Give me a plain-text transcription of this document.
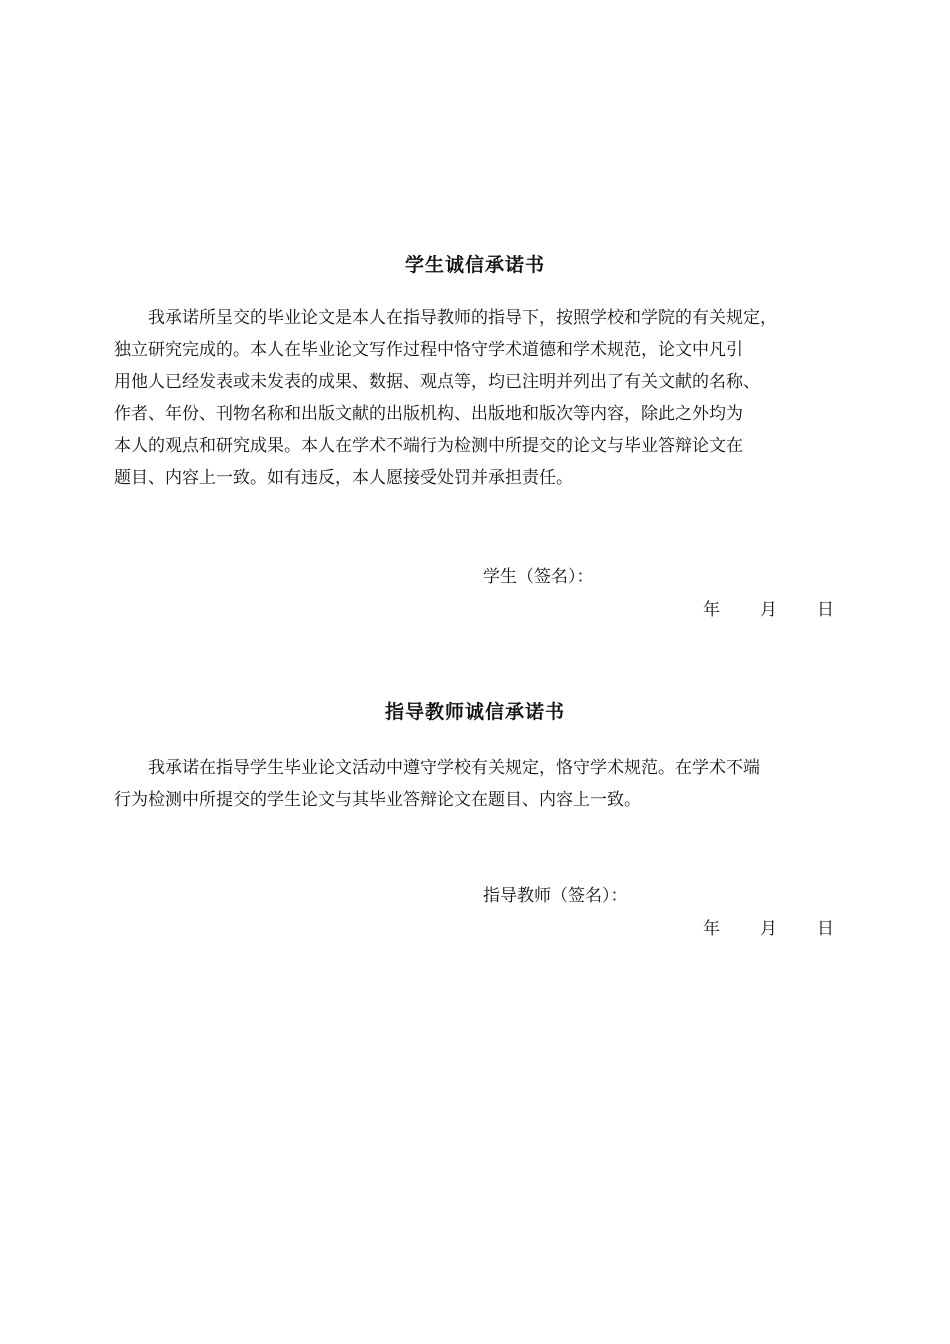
学生诚信承诺书
我承诺所呈交的毕业论文是本人在指导教师的指导下，按照学校和学院的有关规定，
独立研究完成的。本人在毕业论文写作过程中恪守学术道德和学术规范，论文中凡引
用他人已经发表或未发表的成果、数据、观点等，均已注明并列出了有关文献的名称、
作者、年份、刊物名称和出版文献的出版机构、出版地和版次等内容，除此之外均为
本人的观点和研究成果。本人在学术不端行为检测中所提交的论文与毕业答辩论文在
题目、内容上一致。如有违反，本人愿接受处罚并承担责任。
学生（签名）：
年 月 日
指导教师诚信承诺书
我承诺在指导学生毕业论文活动中遵守学校有关规定，恪守学术规范。在学术不端
行为检测中所提交的学生论文与其毕业答辩论文在题目、内容上一致。
指导教师（签名）：
年 月 日
